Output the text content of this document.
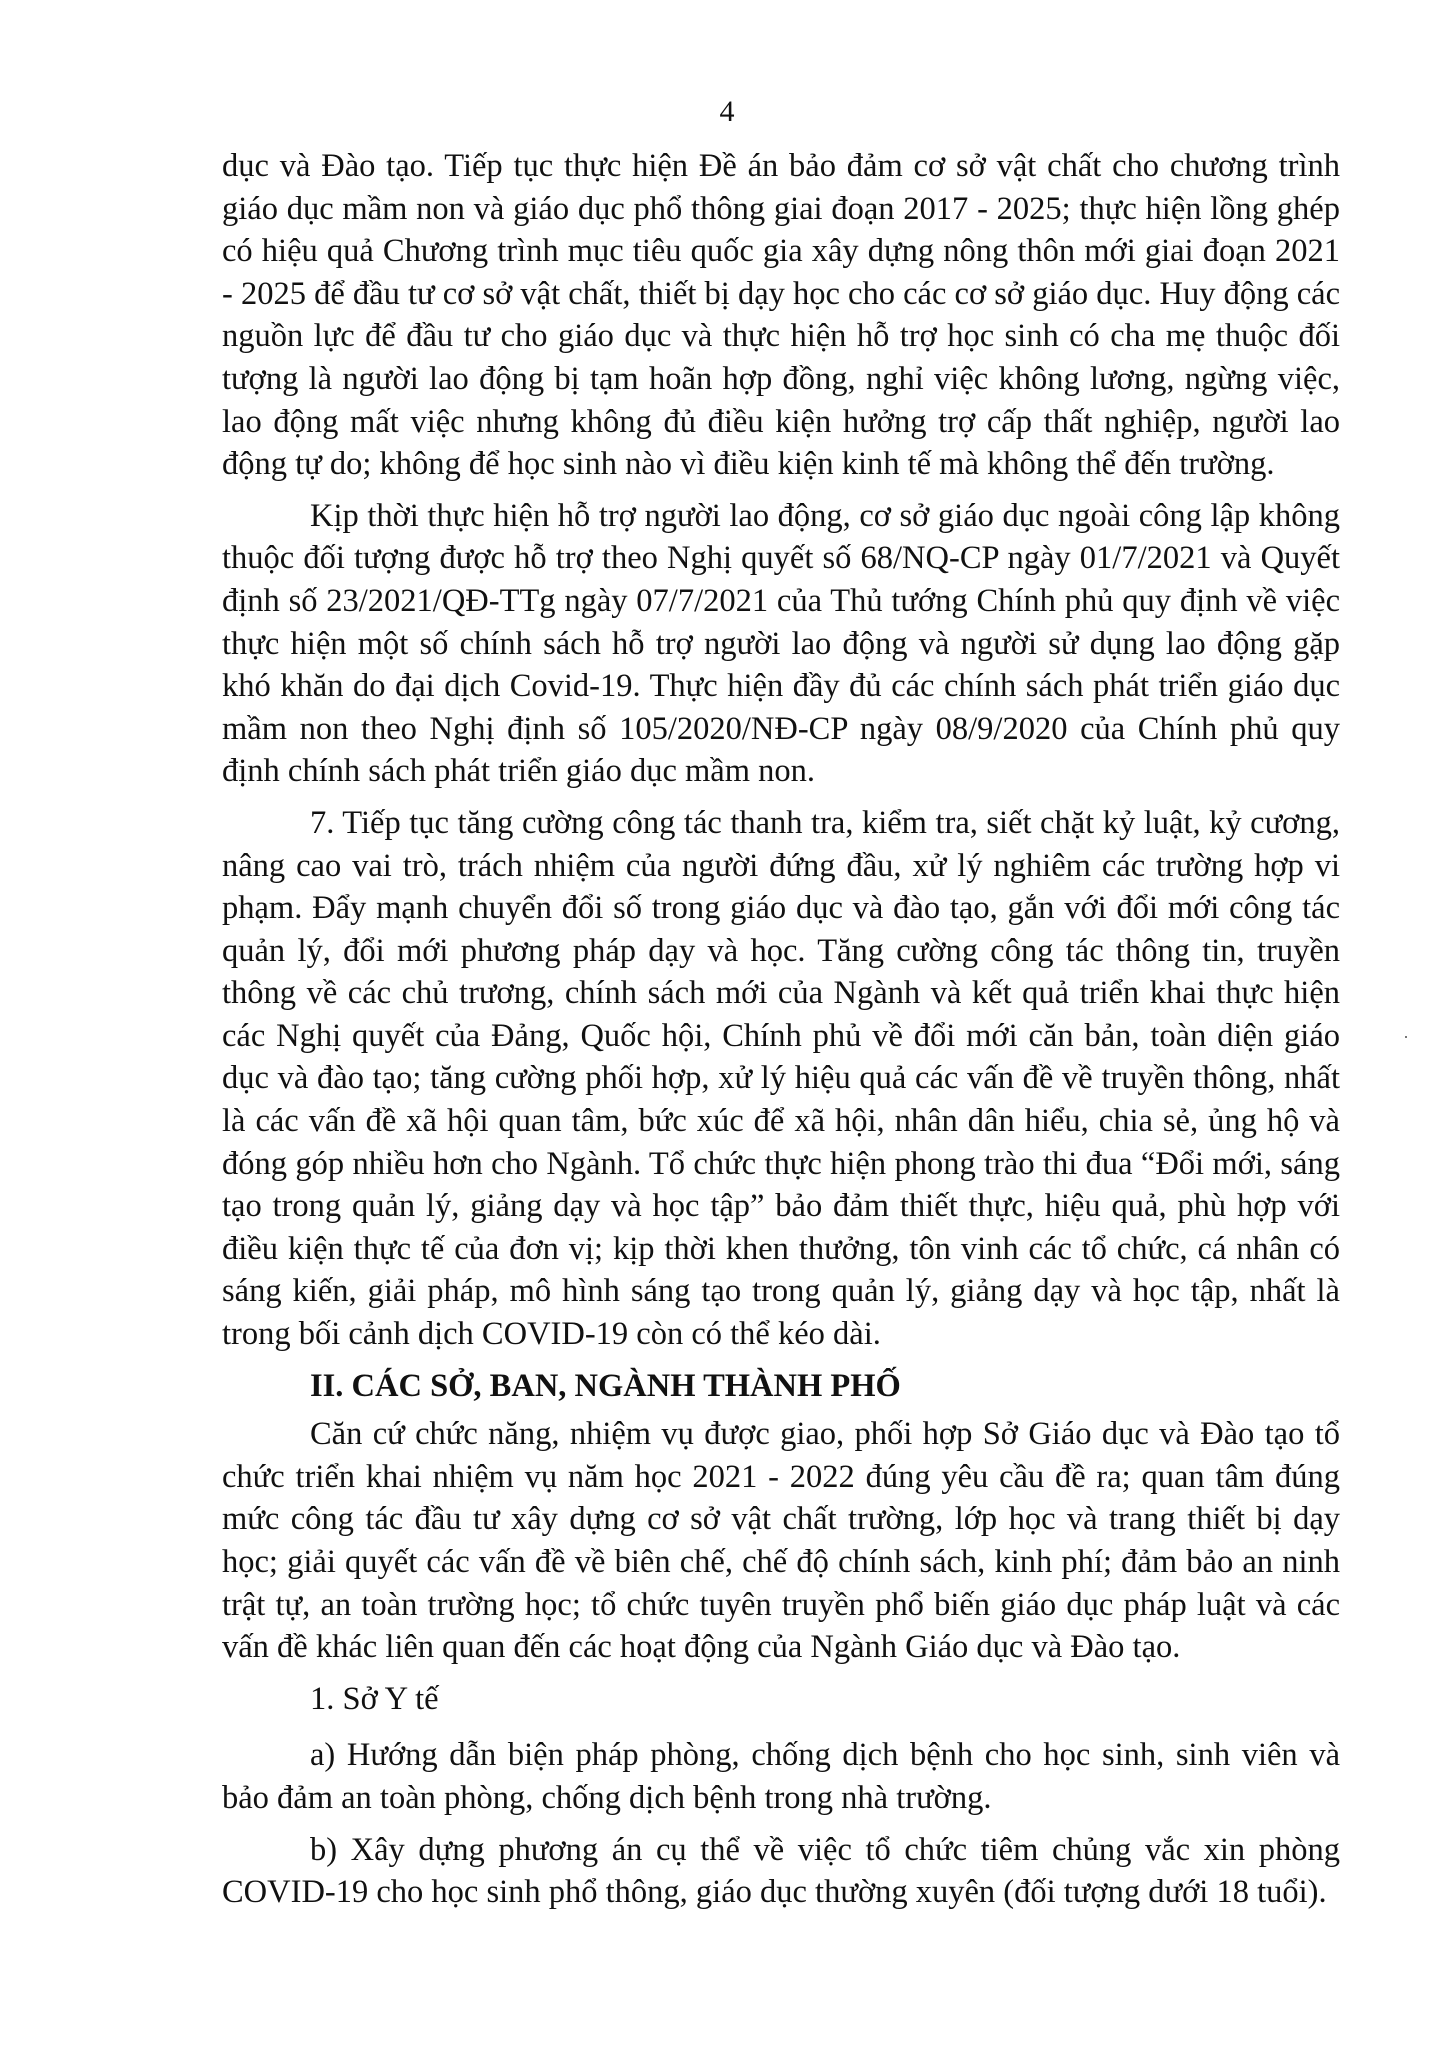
4

dục và Đào tạo. Tiếp tục thực hiện Đề án bảo đảm cơ sở vật chất cho chương trình giáo dục mầm non và giáo dục phổ thông giai đoạn 2017 - 2025; thực hiện lồng ghép có hiệu quả Chương trình mục tiêu quốc gia xây dựng nông thôn mới giai đoạn 2021 - 2025 để đầu tư cơ sở vật chất, thiết bị dạy học cho các cơ sở giáo dục. Huy động các nguồn lực để đầu tư cho giáo dục và thực hiện hỗ trợ học sinh có cha mẹ thuộc đối tượng là người lao động bị tạm hoãn hợp đồng, nghỉ việc không lương, ngừng việc, lao động mất việc nhưng không đủ điều kiện hưởng trợ cấp thất nghiệp, người lao động tự do; không để học sinh nào vì điều kiện kinh tế mà không thể đến trường.

Kịp thời thực hiện hỗ trợ người lao động, cơ sở giáo dục ngoài công lập không thuộc đối tượng được hỗ trợ theo Nghị quyết số 68/NQ-CP ngày 01/7/2021 và Quyết định số 23/2021/QĐ-TTg ngày 07/7/2021 của Thủ tướng Chính phủ quy định về việc thực hiện một số chính sách hỗ trợ người lao động và người sử dụng lao động gặp khó khăn do đại dịch Covid-19. Thực hiện đầy đủ các chính sách phát triển giáo dục mầm non theo Nghị định số 105/2020/NĐ-CP ngày 08/9/2020 của Chính phủ quy định chính sách phát triển giáo dục mầm non.

7. Tiếp tục tăng cường công tác thanh tra, kiểm tra, siết chặt kỷ luật, kỷ cương, nâng cao vai trò, trách nhiệm của người đứng đầu, xử lý nghiêm các trường hợp vi phạm. Đẩy mạnh chuyển đổi số trong giáo dục và đào tạo, gắn với đổi mới công tác quản lý, đổi mới phương pháp dạy và học. Tăng cường công tác thông tin, truyền thông về các chủ trương, chính sách mới của Ngành và kết quả triển khai thực hiện các Nghị quyết của Đảng, Quốc hội, Chính phủ về đổi mới căn bản, toàn diện giáo dục và đào tạo; tăng cường phối hợp, xử lý hiệu quả các vấn đề về truyền thông, nhất là các vấn đề xã hội quan tâm, bức xúc để xã hội, nhân dân hiểu, chia sẻ, ủng hộ và đóng góp nhiều hơn cho Ngành. Tổ chức thực hiện phong trào thi đua “Đổi mới, sáng tạo trong quản lý, giảng dạy và học tập” bảo đảm thiết thực, hiệu quả, phù hợp với điều kiện thực tế của đơn vị; kịp thời khen thưởng, tôn vinh các tổ chức, cá nhân có sáng kiến, giải pháp, mô hình sáng tạo trong quản lý, giảng dạy và học tập, nhất là trong bối cảnh dịch COVID-19 còn có thể kéo dài.

II. CÁC SỞ, BAN, NGÀNH THÀNH PHỐ

Căn cứ chức năng, nhiệm vụ được giao, phối hợp Sở Giáo dục và Đào tạo tổ chức triển khai nhiệm vụ năm học 2021 - 2022 đúng yêu cầu đề ra; quan tâm đúng mức công tác đầu tư xây dựng cơ sở vật chất trường, lớp học và trang thiết bị dạy học; giải quyết các vấn đề về biên chế, chế độ chính sách, kinh phí; đảm bảo an ninh trật tự, an toàn trường học; tổ chức tuyên truyền phổ biến giáo dục pháp luật và các vấn đề khác liên quan đến các hoạt động của Ngành Giáo dục và Đào tạo.

1. Sở Y tế

a) Hướng dẫn biện pháp phòng, chống dịch bệnh cho học sinh, sinh viên và bảo đảm an toàn phòng, chống dịch bệnh trong nhà trường.

b) Xây dựng phương án cụ thể về việc tổ chức tiêm chủng vắc xin phòng COVID-19 cho học sinh phổ thông, giáo dục thường xuyên (đối tượng dưới 18 tuổi).
